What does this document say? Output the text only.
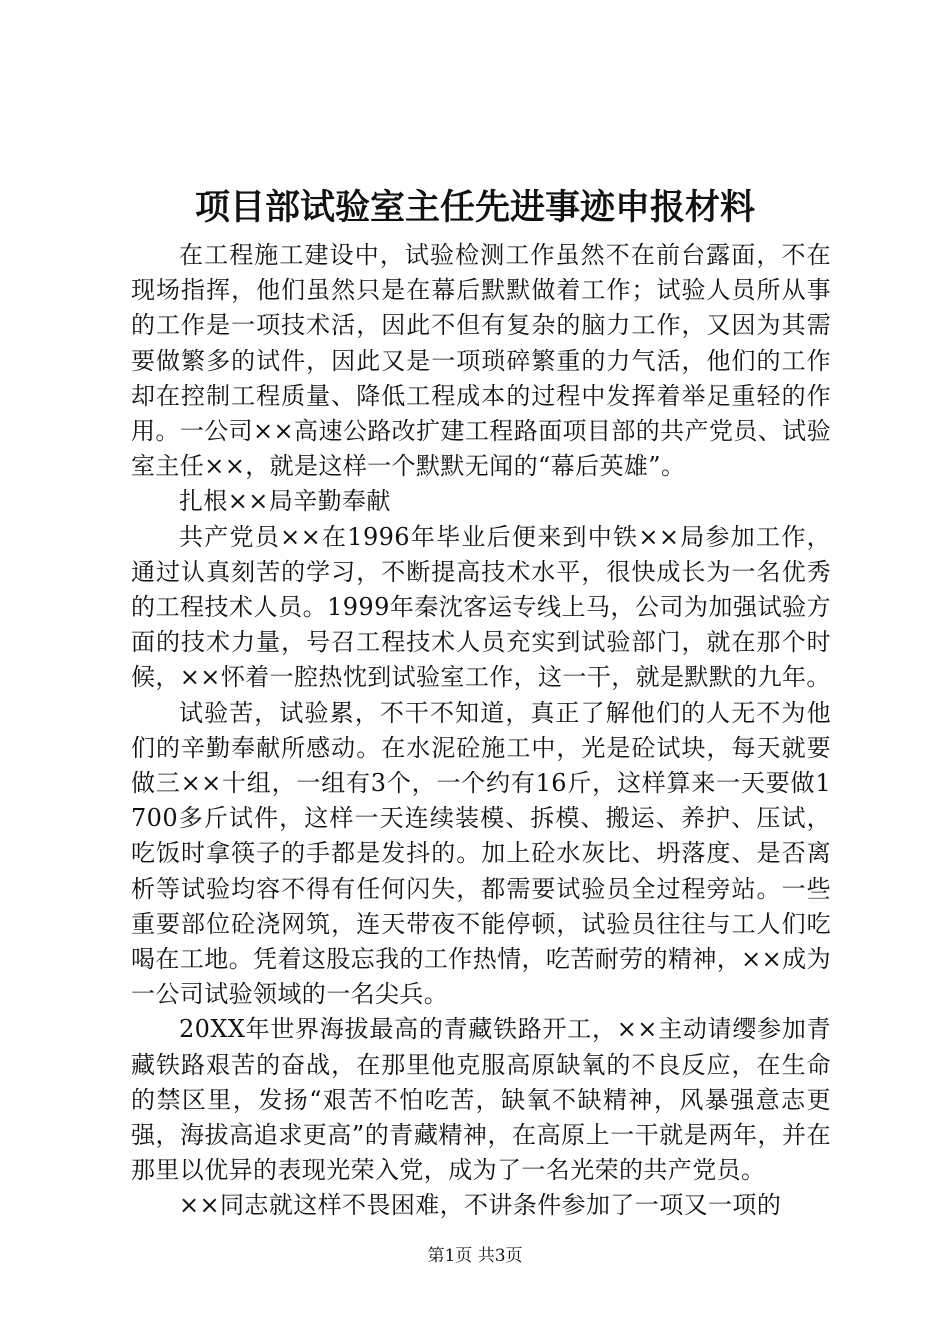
项目部试验室主任先进事迹申报材料

在工程施工建设中，试验检测工作虽然不在前台露面，不在现场指挥，他们虽然只是在幕后默默做着工作；试验人员所从事的工作是一项技术活，因此不但有复杂的脑力工作，又因为其需要做繁多的试件，因此又是一项琐碎繁重的力气活，他们的工作却在控制工程质量、降低工程成本的过程中发挥着举足重轻的作用。一公司××高速公路改扩建工程路面项目部的共产党员、试验室主任××，就是这样一个默默无闻的“幕后英雄”。

扎根××局辛勤奉献

共产党员××在1996年毕业后便来到中铁××局参加工作，通过认真刻苦的学习，不断提高技术水平，很快成长为一名优秀的工程技术人员。1999年秦沈客运专线上马，公司为加强试验方面的技术力量，号召工程技术人员充实到试验部门，就在那个时候，××怀着一腔热忱到试验室工作，这一干，就是默默的九年。

试验苦，试验累，不干不知道，真正了解他们的人无不为他们的辛勤奉献所感动。在水泥砼施工中，光是砼试块，每天就要做三××十组，一组有3个，一个约有16斤，这样算来一天要做1700多斤试件，这样一天连续装模、拆模、搬运、养护、压试，吃饭时拿筷子的手都是发抖的。加上砼水灰比、坍落度、是否离析等试验均容不得有任何闪失，都需要试验员全过程旁站。一些重要部位砼浇网筑，连天带夜不能停顿，试验员往往与工人们吃喝在工地。凭着这股忘我的工作热情，吃苦耐劳的精神，××成为一公司试验领域的一名尖兵。

20XX年世界海拔最高的青藏铁路开工，××主动请缨参加青藏铁路艰苦的奋战，在那里他克服高原缺氧的不良反应，在生命的禁区里，发扬“艰苦不怕吃苦，缺氧不缺精神，风暴强意志更强，海拔高追求更高”的青藏精神，在高原上一干就是两年，并在那里以优异的表现光荣入党，成为了一名光荣的共产党员。

××同志就这样不畏困难，不讲条件参加了一项又一项的

第1页 共3页
